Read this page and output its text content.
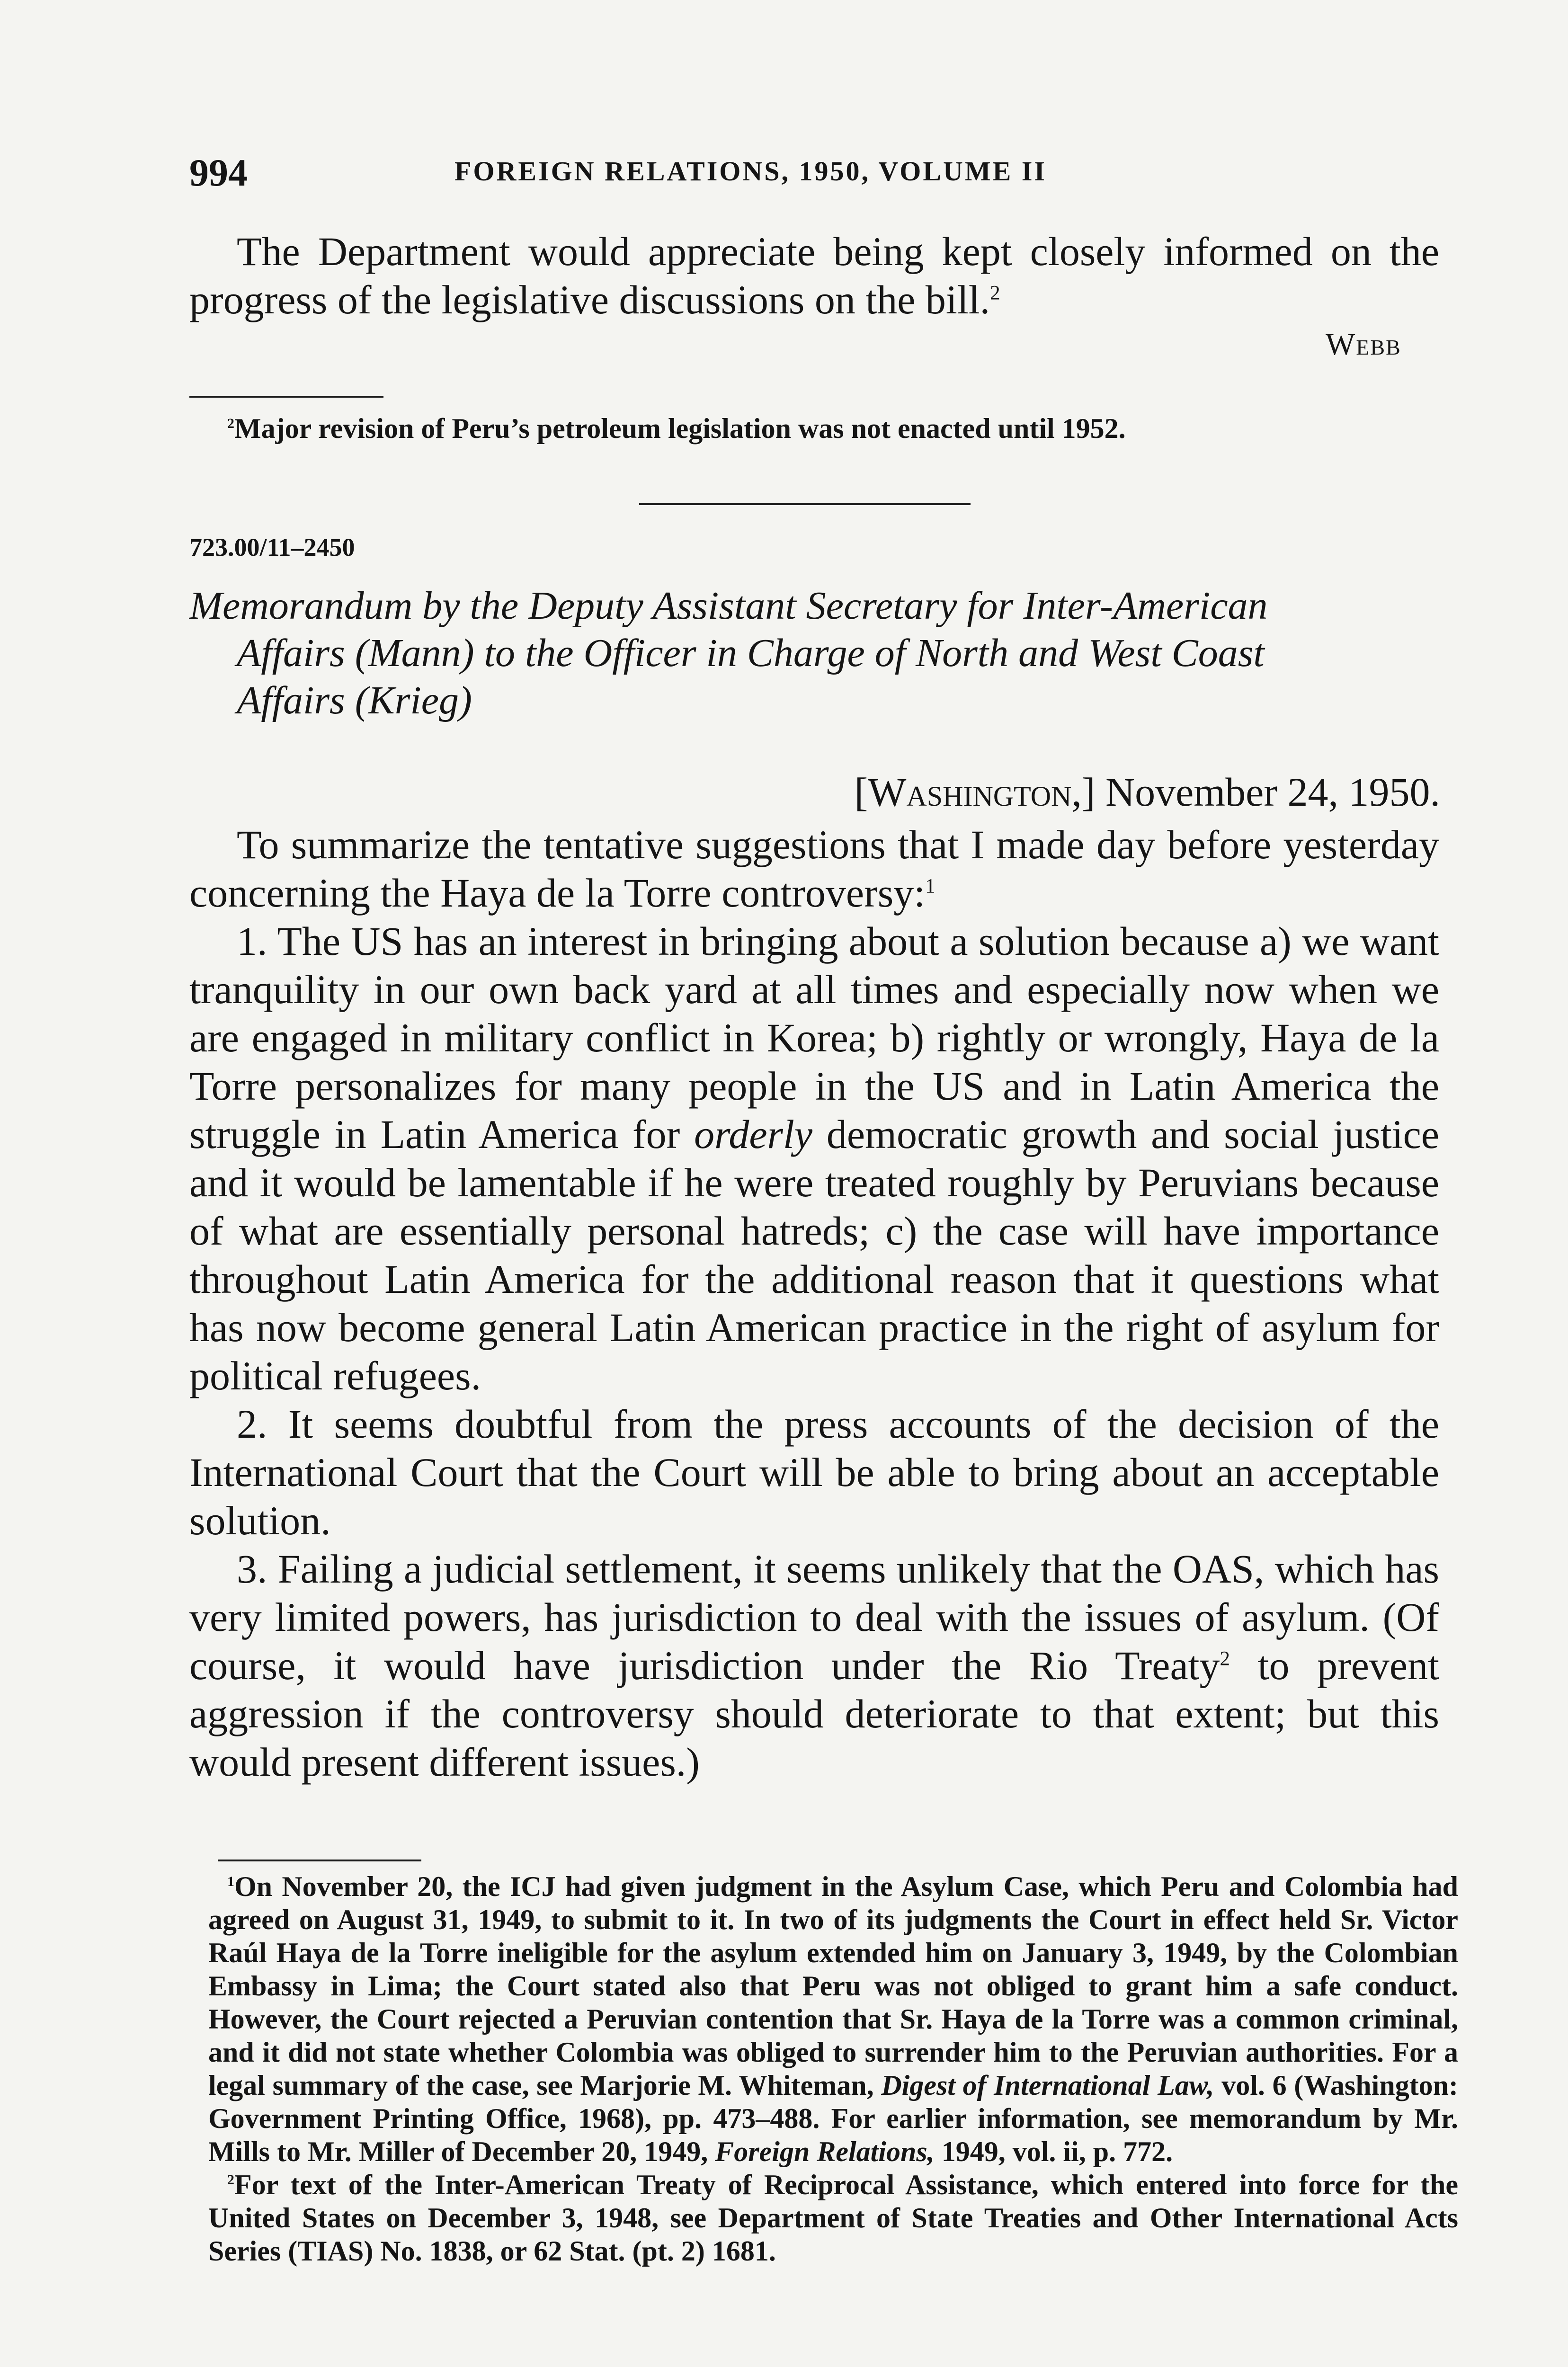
994	FOREIGN RELATIONS, 1950, VOLUME II
The Department would appreciate being kept closely informed on the progress of the legislative discussions on the bill.$^2$
Webb
$^2$Major revision of Peru’s petroleum legislation was not enacted until 1952.
723.00/11–2450
Memorandum by the Deputy Assistant Secretary for Inter-American
Affairs (Mann) to the Officer in Charge of North and West Coast
Affairs (Krieg)
[Washington,] November 24, 1950.
To summarize the tentative suggestions that I made day before yesterday concerning the Haya de la Torre controversy:$^1$
1. The US has an interest in bringing about a solution because a) we want tranquility in our own back yard at all times and especially now when we are engaged in military conflict in Korea; b) rightly or wrongly, Haya de la Torre personalizes for many people in the US and in Latin America the struggle in Latin America for orderly democratic growth and social justice and it would be lamentable if he were treated roughly by Peruvians because of what are essentially personal hatreds; c) the case will have importance throughout Latin America for the additional reason that it questions what has now become general Latin American practice in the right of asylum for political refugees.
2. It seems doubtful from the press accounts of the decision of the International Court that the Court will be able to bring about an acceptable solution.
3. Failing a judicial settlement, it seems unlikely that the OAS, which has very limited powers, has jurisdiction to deal with the issues of asylum. (Of course, it would have jurisdiction under the Rio Treaty$^2$ to prevent aggression if the controversy should deteriorate to that extent; but this would present different issues.)
$^1$On November 20, the ICJ had given judgment in the Asylum Case, which Peru and Colombia had agreed on August 31, 1949, to submit to it. In two of its judgments the Court in effect held Sr. Victor Raúl Haya de la Torre ineligible for the asylum extended him on January 3, 1949, by the Colombian Embassy in Lima; the Court stated also that Peru was not obliged to grant him a safe conduct. However, the Court rejected a Peruvian contention that Sr. Haya de la Torre was a common criminal, and it did not state whether Colombia was obliged to surrender him to the Peruvian authorities. For a legal summary of the case, see Marjorie M. Whiteman, Digest of International Law, vol. 6 (Washington: Government Printing Office, 1968), pp. 473–488. For earlier information, see memorandum by Mr. Mills to Mr. Miller of December 20, 1949, Foreign Relations, 1949, vol. ii, p. 772.
$^2$For text of the Inter-American Treaty of Reciprocal Assistance, which entered into force for the United States on December 3, 1948, see Department of State Treaties and Other International Acts Series (TIAS) No. 1838, or 62 Stat. (pt. 2) 1681.
